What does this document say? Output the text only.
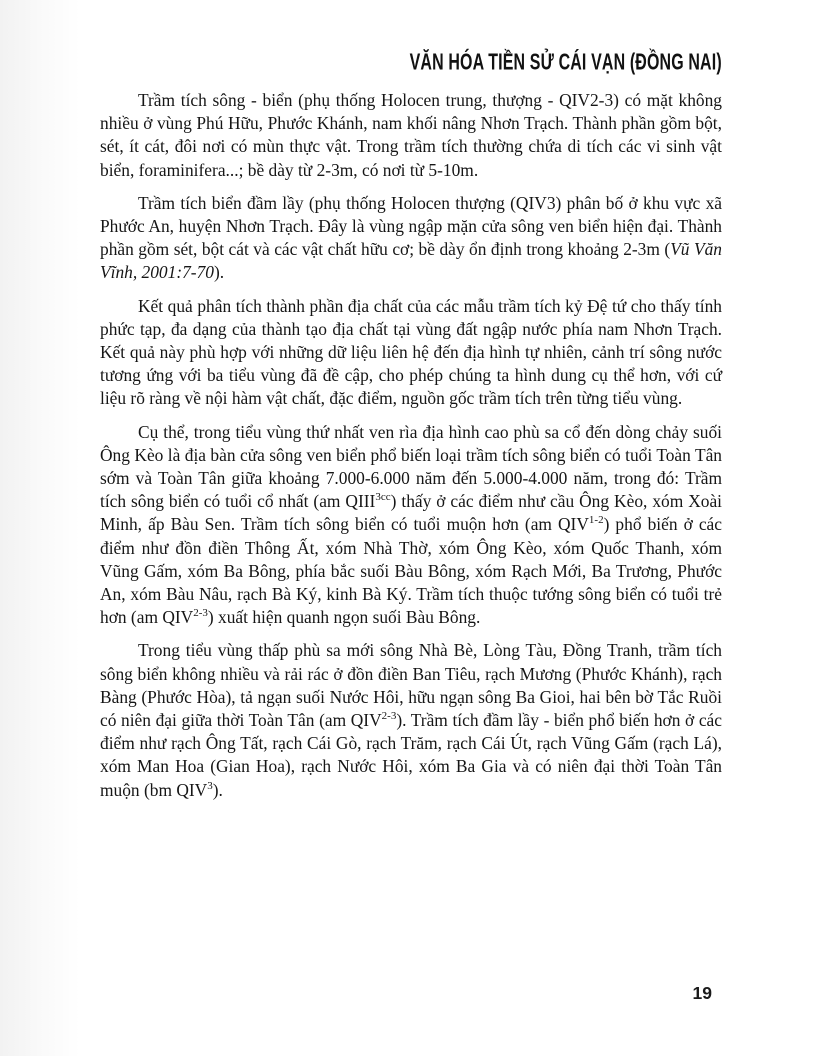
VĂN HÓA TIỀN SỬ CÁI VẠN (ĐỒNG NAI)

Trầm tích sông - biển (phụ thống Holocen trung, thượng - QIV2-3) có mặt không nhiều ở vùng Phú Hữu, Phước Khánh, nam khối nâng Nhơn Trạch. Thành phần gồm bột, sét, ít cát, đôi nơi có mùn thực vật. Trong trầm tích thường chứa di tích các vi sinh vật biển, foraminifera...; bề dày từ 2-3m, có nơi từ 5-10m.

Trầm tích biển đầm lầy (phụ thống Holocen thượng (QIV3) phân bố ở khu vực xã Phước An, huyện Nhơn Trạch. Đây là vùng ngập mặn cửa sông ven biển hiện đại. Thành phần gồm sét, bột cát và các vật chất hữu cơ; bề dày ổn định trong khoảng 2-3m (Vũ Văn Vĩnh, 2001:7-70).

Kết quả phân tích thành phần địa chất của các mẫu trầm tích kỷ Đệ tứ cho thấy tính phức tạp, đa dạng của thành tạo địa chất tại vùng đất ngập nước phía nam Nhơn Trạch. Kết quả này phù hợp với những dữ liệu liên hệ đến địa hình tự nhiên, cảnh trí sông nước tương ứng với ba tiểu vùng đã đề cập, cho phép chúng ta hình dung cụ thể hơn, với cứ liệu rõ ràng về nội hàm vật chất, đặc điểm, nguồn gốc trầm tích trên từng tiểu vùng.

Cụ thể, trong tiểu vùng thứ nhất ven rìa địa hình cao phù sa cổ đến dòng chảy suối Ông Kèo là địa bàn cửa sông ven biển phổ biến loại trầm tích sông biển có tuổi Toàn Tân sớm và Toàn Tân giữa khoảng 7.000-6.000 năm đến 5.000-4.000 năm, trong đó: Trầm tích sông biển có tuổi cổ nhất (am $QIII^{3cc}$) thấy ở các điểm như cầu Ông Kèo, xóm Xoài Minh, ấp Bàu Sen. Trầm tích sông biển có tuổi muộn hơn (am QIV$^{1-2}$) phổ biến ở các điểm như đồn điền Thông Ất, xóm Nhà Thờ, xóm Ông Kèo, xóm Quốc Thanh, xóm Vũng Gấm, xóm Ba Bông, phía bắc suối Bàu Bông, xóm Rạch Mới, Ba Trương, Phước An, xóm Bàu Nâu, rạch Bà Ký, kinh Bà Ký. Trầm tích thuộc tướng sông biển có tuổi trẻ hơn (am QIV$^{2-3}$) xuất hiện quanh ngọn suối Bàu Bông.

Trong tiểu vùng thấp phù sa mới sông Nhà Bè, Lòng Tàu, Đồng Tranh, trầm tích sông biển không nhiều và rải rác ở đồn điền Ban Tiêu, rạch Mương (Phước Khánh), rạch Bàng (Phước Hòa), tả ngạn suối Nước Hôi, hữu ngạn sông Ba Gioi, hai bên bờ Tắc Ruồi có niên đại giữa thời Toàn Tân (am QIV$^{2-3}$). Trầm tích đầm lầy - biển phổ biến hơn ở các điểm như rạch Ông Tất, rạch Cái Gò, rạch Trăm, rạch Cái Út, rạch Vũng Gấm (rạch Lá), xóm Man Hoa (Gian Hoa), rạch Nước Hôi, xóm Ba Gia và có niên đại thời Toàn Tân muộn (bm QIV$^3$).

19
